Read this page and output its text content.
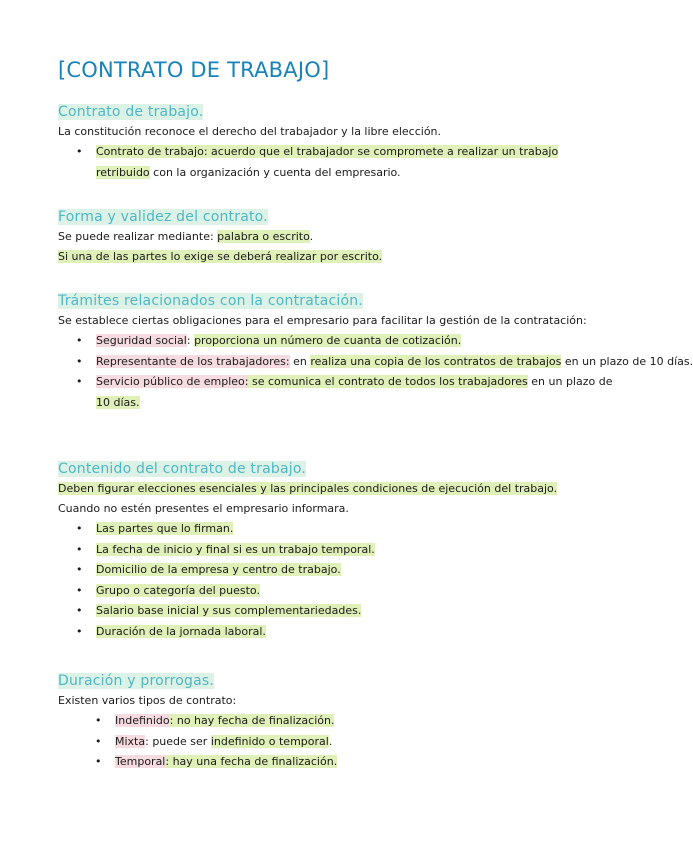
[CONTRATO DE TRABAJO]
Contrato de trabajo.

La constitución reconoce el derecho del trabajador y la libre elección.

• Contrato de trabajo: acuerdo que el trabajador se compromete a realizar un trabajo
retribuido con la organización y cuenta del empresario.
Forma y validez del contrato.

Se puede realizar mediante: palabra o escrito.

Si una de las partes lo exige se deberá realizar por escrito.

Trámites relacionados con la contratación.

Se establece ciertas obligaciones para el empresario para facilitar la gestión de la contratación:

• Seguridad social: proporciona un número de cuanta de cotización.
• Representante de los trabajadores: en realiza una copia de los contratos de trabajos en un plazo de 10 días.
• Servicio público de empleo: se comunica el contrato de todos los trabajadores en un plazo de
10 días.
Contenido del contrato de trabajo.

Deben figurar elecciones esenciales y las principales condiciones de ejecución del trabajo.

Cuando no estén presentes el empresario informara.

• Las partes que lo firman.
• La fecha de inicio y final si es un trabajo temporal.
• Domicilio de la empresa y centro de trabajo.
• Grupo o categoría del puesto.
• Salario base inicial y sus complementariedades.
• Duración de la jornada laboral.
Duración y prorrogas.

Existen varios tipos de contrato:

• Indefinido: no hay fecha de finalización.
• Mixta: puede ser indefinido o temporal.
• Temporal: hay una fecha de finalización.
